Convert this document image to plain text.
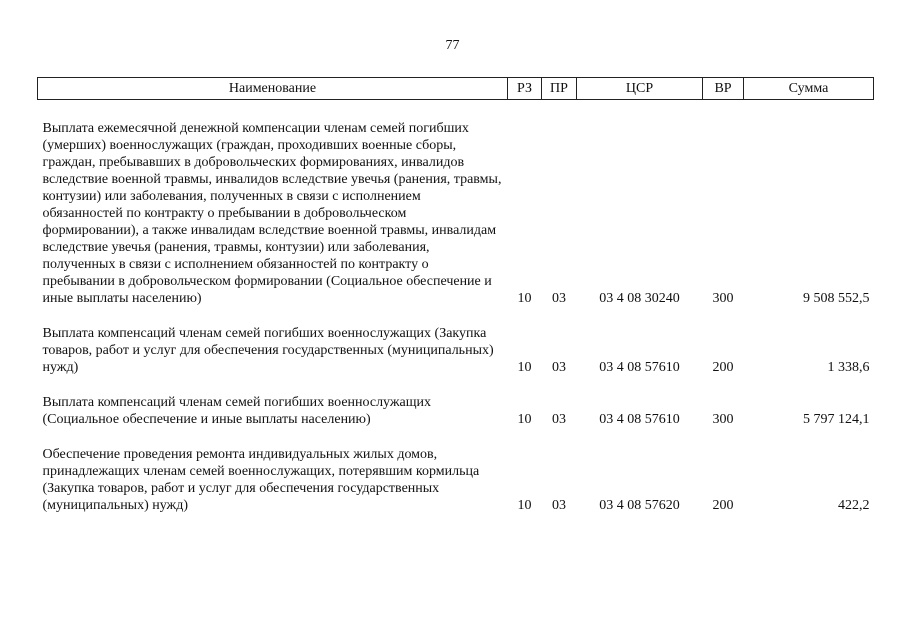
77
Наименование	РЗ	ПР	ЦСР	ВР	Сумма

Выплата ежемесячной денежной компенсации членам семей погибших (умерших) военнослужащих (граждан, проходивших военные сборы, граждан, пребывавших в добровольческих формированиях, инвалидов вследствие военной травмы, инвалидов вследствие увечья (ранения, травмы, контузии) или заболевания, полученных в связи с исполнением обязанностей по контракту о пребывании в добровольческом формировании), а также инвалидам вследствие военной травмы, инвалидам вследствие увечья (ранения, травмы, контузии) или заболевания, полученных в связи с исполнением обязанностей по контракту о пребывании в добровольческом формировании (Социальное обеспечение и иные выплаты населению)	10	03	03 4 08 30240	300	9 508 552,5

Выплата компенсаций членам семей погибших военнослужащих (Закупка товаров, работ и услуг для обеспечения государственных (муниципальных) нужд)	10	03	03 4 08 57610	200	1 338,6

Выплата компенсаций членам семей погибших военнослужащих (Социальное обеспечение и иные выплаты населению)	10	03	03 4 08 57610	300	5 797 124,1

Обеспечение проведения ремонта индивидуальных жилых домов, принадлежащих членам семей военнослужащих, потерявшим кормильца (Закупка товаров, работ и услуг для обеспечения государственных (муниципальных) нужд)	10	03	03 4 08 57620	200	422,2
